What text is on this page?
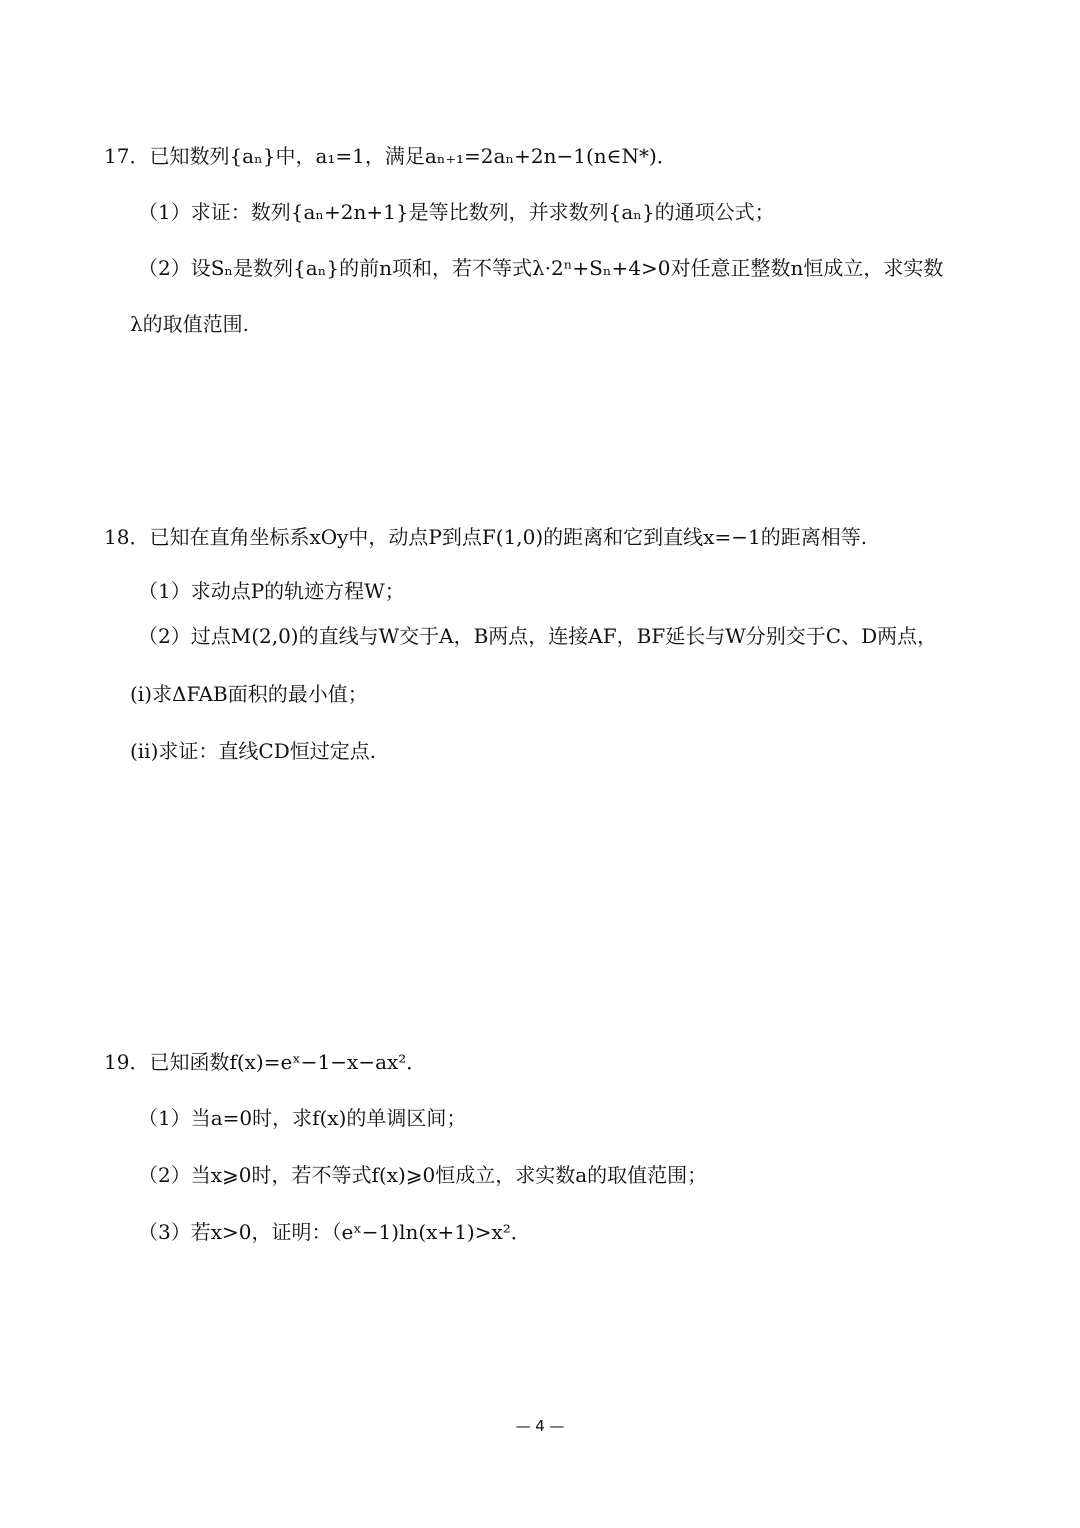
17．已知数列{aₙ}中，a₁=1，满足aₙ₊₁=2aₙ+2n−1(n∈N*)．
（1）求证：数列{aₙ+2n+1}是等比数列，并求数列{aₙ}的通项公式；
（2）设Sₙ是数列{aₙ}的前n项和，若不等式λ·2ⁿ+Sₙ+4>0对任意正整数n恒成立，求实数
λ的取值范围.
18．已知在直角坐标系xOy中，动点P到点F(1,0)的距离和它到直线x=−1的距离相等.
（1）求动点P的轨迹方程W；
（2）过点M(2,0)的直线与W交于A，B两点，连接AF，BF延长与W分别交于C、D两点，
(ⅰ)求ΔFAB面积的最小值；
(ⅱ)求证：直线CD恒过定点.
19．已知函数f(x)=eˣ−1−x−ax²．
（1）当a=0时，求f(x)的单调区间；
（2）当x⩾0时，若不等式f(x)⩾0恒成立，求实数a的取值范围；
（3）若x>0，证明：（eˣ−1)ln(x+1)>x²．
— 4 —
